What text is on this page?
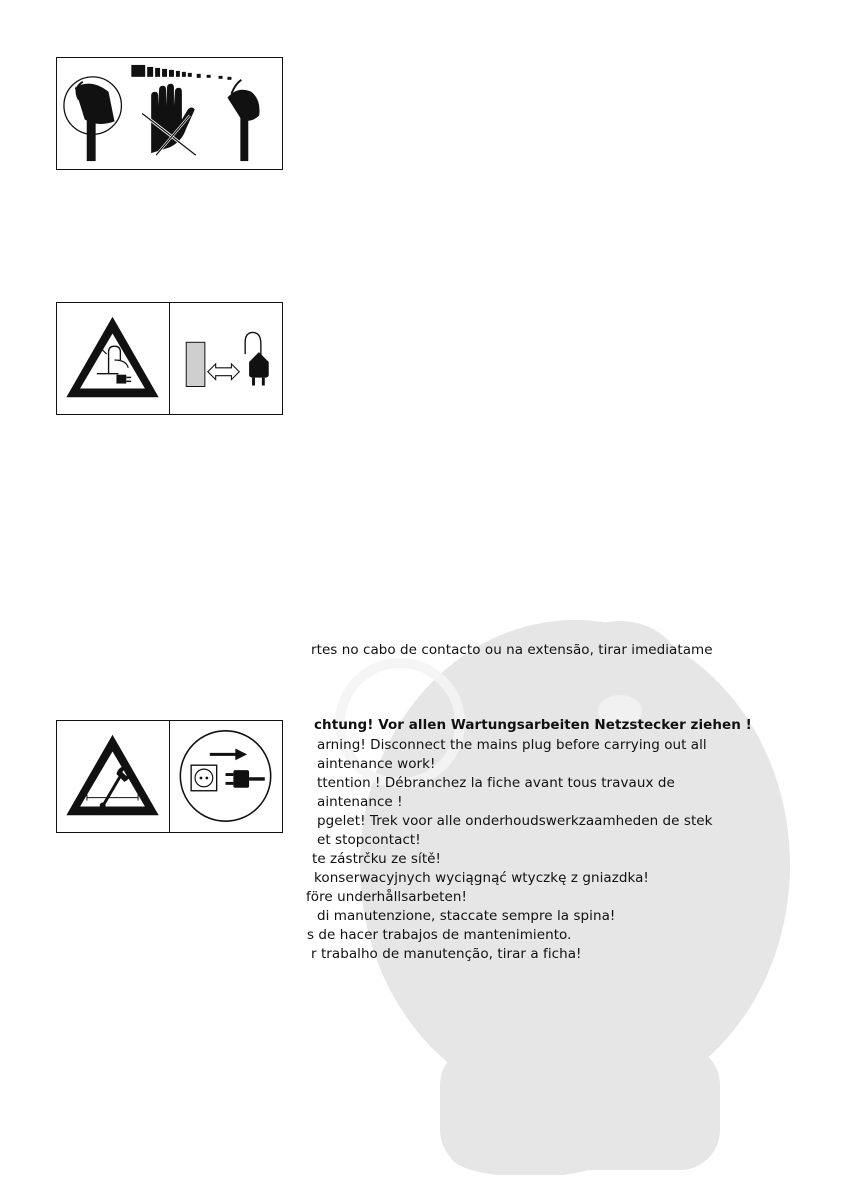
rtes no cabo de contacto ou na extensão, tirar imediatame
chtung! Vor allen Wartungsarbeiten Netzstecker ziehen !
arning! Disconnect the mains plug before carrying out all
aintenance work!
ttention ! Débranchez la fiche avant tous travaux de
aintenance !
pgelet! Trek voor alle onderhoudswerkzaamheden de stek
et stopcontact!
te zástrčku ze sítě!
konserwacyjnych wyciągnąć wtyczkę z gniazdka!
före underhållsarbeten!
di manutenzione, staccate sempre la spina!
s de hacer trabajos de mantenimiento.
r trabalho de manutenção, tirar a ficha!
